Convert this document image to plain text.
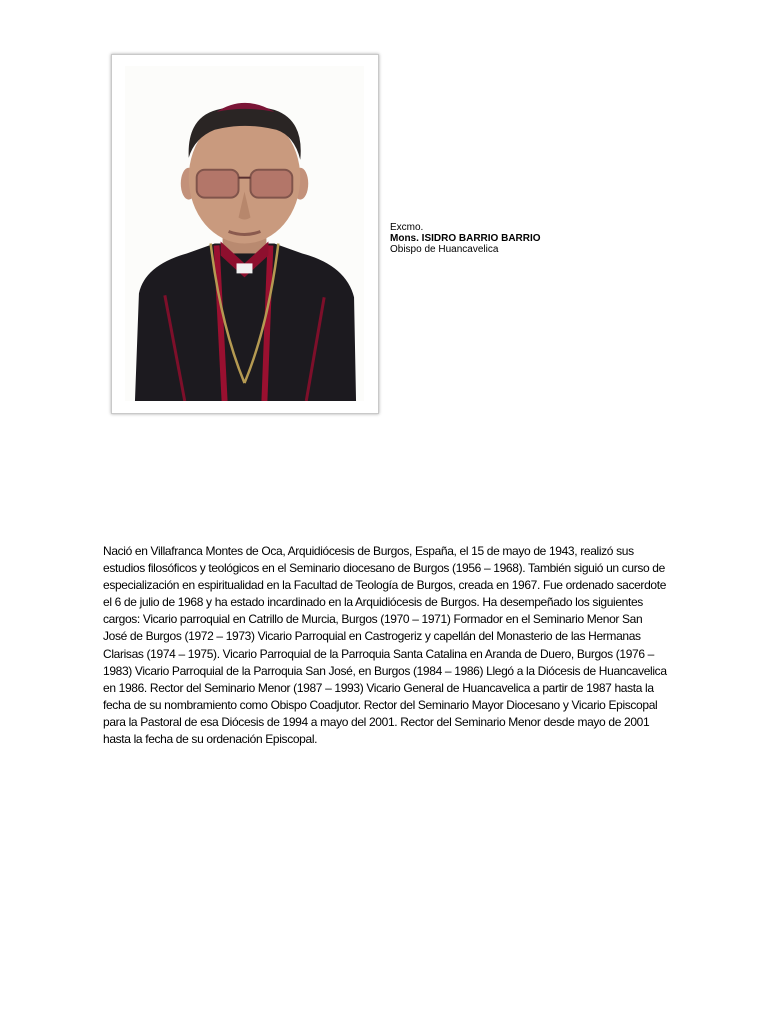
Excmo.
Mons. ISIDRO BARRIO BARRIO
Obispo de Huancavelica

Nació en Villafranca Montes de Oca, Arquidiócesis de Burgos, España, el 15 de mayo de 1943, realizó sus estudios filosóficos y teológicos en el Seminario diocesano de Burgos (1956 – 1968). También siguió un curso de especialización en espiritualidad en la Facultad de Teología de Burgos, creada en 1967. Fue ordenado sacerdote el 6 de julio de 1968 y ha estado incardinado en la Arquidiócesis de Burgos. Ha desempeñado los siguientes cargos: Vicario parroquial en Catrillo de Murcia, Burgos (1970 – 1971) Formador en el Seminario Menor San José de Burgos (1972 – 1973) Vicario Parroquial en Castrogeriz y capellán del Monasterio de las Hermanas Clarisas (1974 – 1975). Vicario Parroquial de la Parroquia Santa Catalina en Aranda de Duero, Burgos (1976 – 1983) Vicario Parroquial de la Parroquia San José, en Burgos (1984 – 1986) Llegó a la Diócesis de Huancavelica en 1986. Rector del Seminario Menor (1987 – 1993) Vicario General de Huancavelica a partir de 1987 hasta la fecha de su nombramiento como Obispo Coadjutor. Rector del Seminario Mayor Diocesano y Vicario Episcopal para la Pastoral de esa Diócesis de 1994 a mayo del 2001. Rector del Seminario Menor desde mayo de 2001 hasta la fecha de su ordenación Episcopal.
